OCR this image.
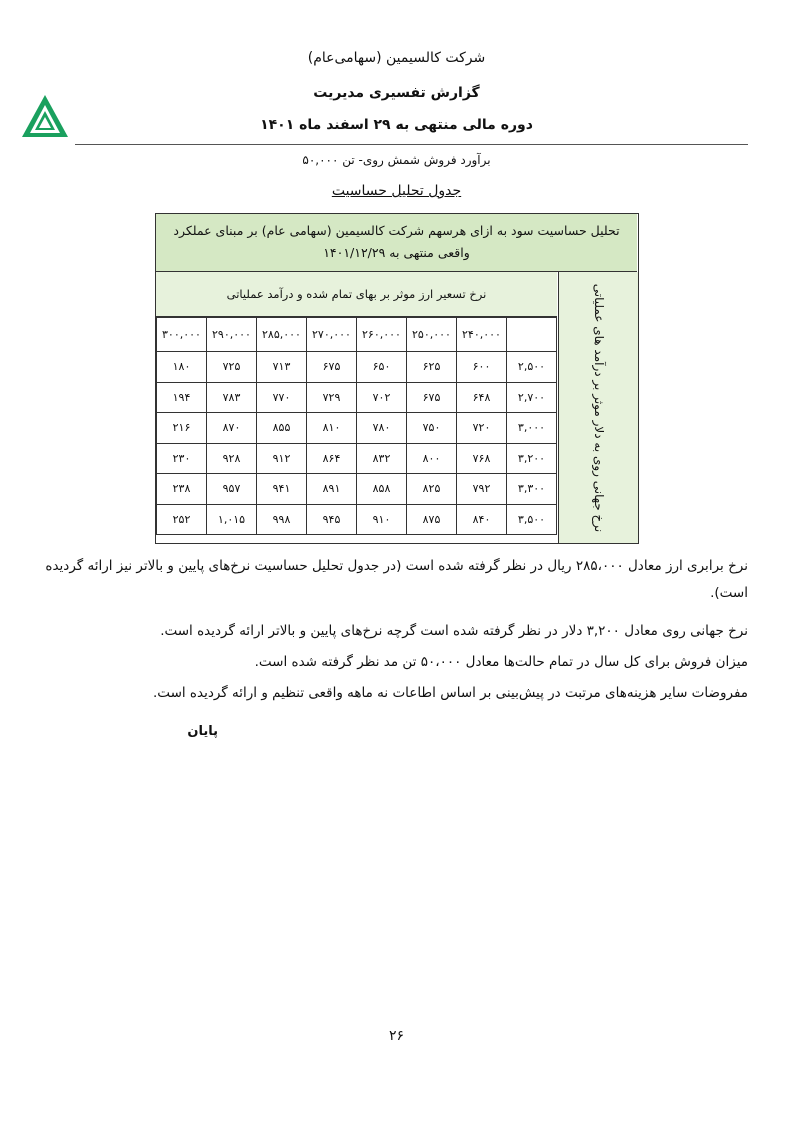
شرکت کالسیمین (سهامی‌عام)
گزارش تفسیری مدیریت
دوره مالی منتهی به ۲۹ اسفند ماه ۱۴۰۱
برآورد فروش شمش روی- تن ۵۰,۰۰۰
جدول تحلیل حساسیت
تحلیل حساسیت سود به ازای هرسهم شرکت کالسیمین (سهامی عام) بر مبنای عملکرد واقعی منتهی به ۱۴۰۱/۱۲/۲۹
نرخ جهانی روی به دلار موثر بر درآمد های عملیاتی
نرخ تسعیر ارز موثر بر بهای تمام شده و درآمد عملیاتی
۳۰۰,۰۰۰	۲۹۰,۰۰۰	۲۸۵,۰۰۰	۲۷۰,۰۰۰	۲۶۰,۰۰۰	۲۵۰,۰۰۰	۲۴۰,۰۰۰	
۱۸۰	۷۲۵	۷۱۳	۶۷۵	۶۵۰	۶۲۵	۶۰۰	۲,۵۰۰
۱۹۴	۷۸۳	۷۷۰	۷۲۹	۷۰۲	۶۷۵	۶۴۸	۲,۷۰۰
۲۱۶	۸۷۰	۸۵۵	۸۱۰	۷۸۰	۷۵۰	۷۲۰	۳,۰۰۰
۲۳۰	۹۲۸	۹۱۲	۸۶۴	۸۳۲	۸۰۰	۷۶۸	۳,۲۰۰
۲۳۸	۹۵۷	۹۴۱	۸۹۱	۸۵۸	۸۲۵	۷۹۲	۳,۳۰۰
۲۵۲	۱,۰۱۵	۹۹۸	۹۴۵	۹۱۰	۸۷۵	۸۴۰	۳,۵۰۰
نرخ برابری ارز معادل ۲۸۵،۰۰۰ ریال در نظر گرفته شده است (در جدول تحلیل حساسیت نرخ‌های پایین و بالاتر نیز ارائه گردیده است).
نرخ جهانی روی معادل ۳,۲۰۰ دلار در نظر گرفته شده است گرچه نرخ‌های پایین و بالاتر ارائه گردیده است.
میزان فروش برای کل سال در تمام حالت‌ها معادل ۵۰،۰۰۰ تن مد نظر گرفته شده است.
مفروضات سایر هزینه‌های مرتبت در پیش‌بینی بر اساس اطاعات نه ماهه واقعی تنظیم و ارائه گردیده است.
پایان
۲۶
